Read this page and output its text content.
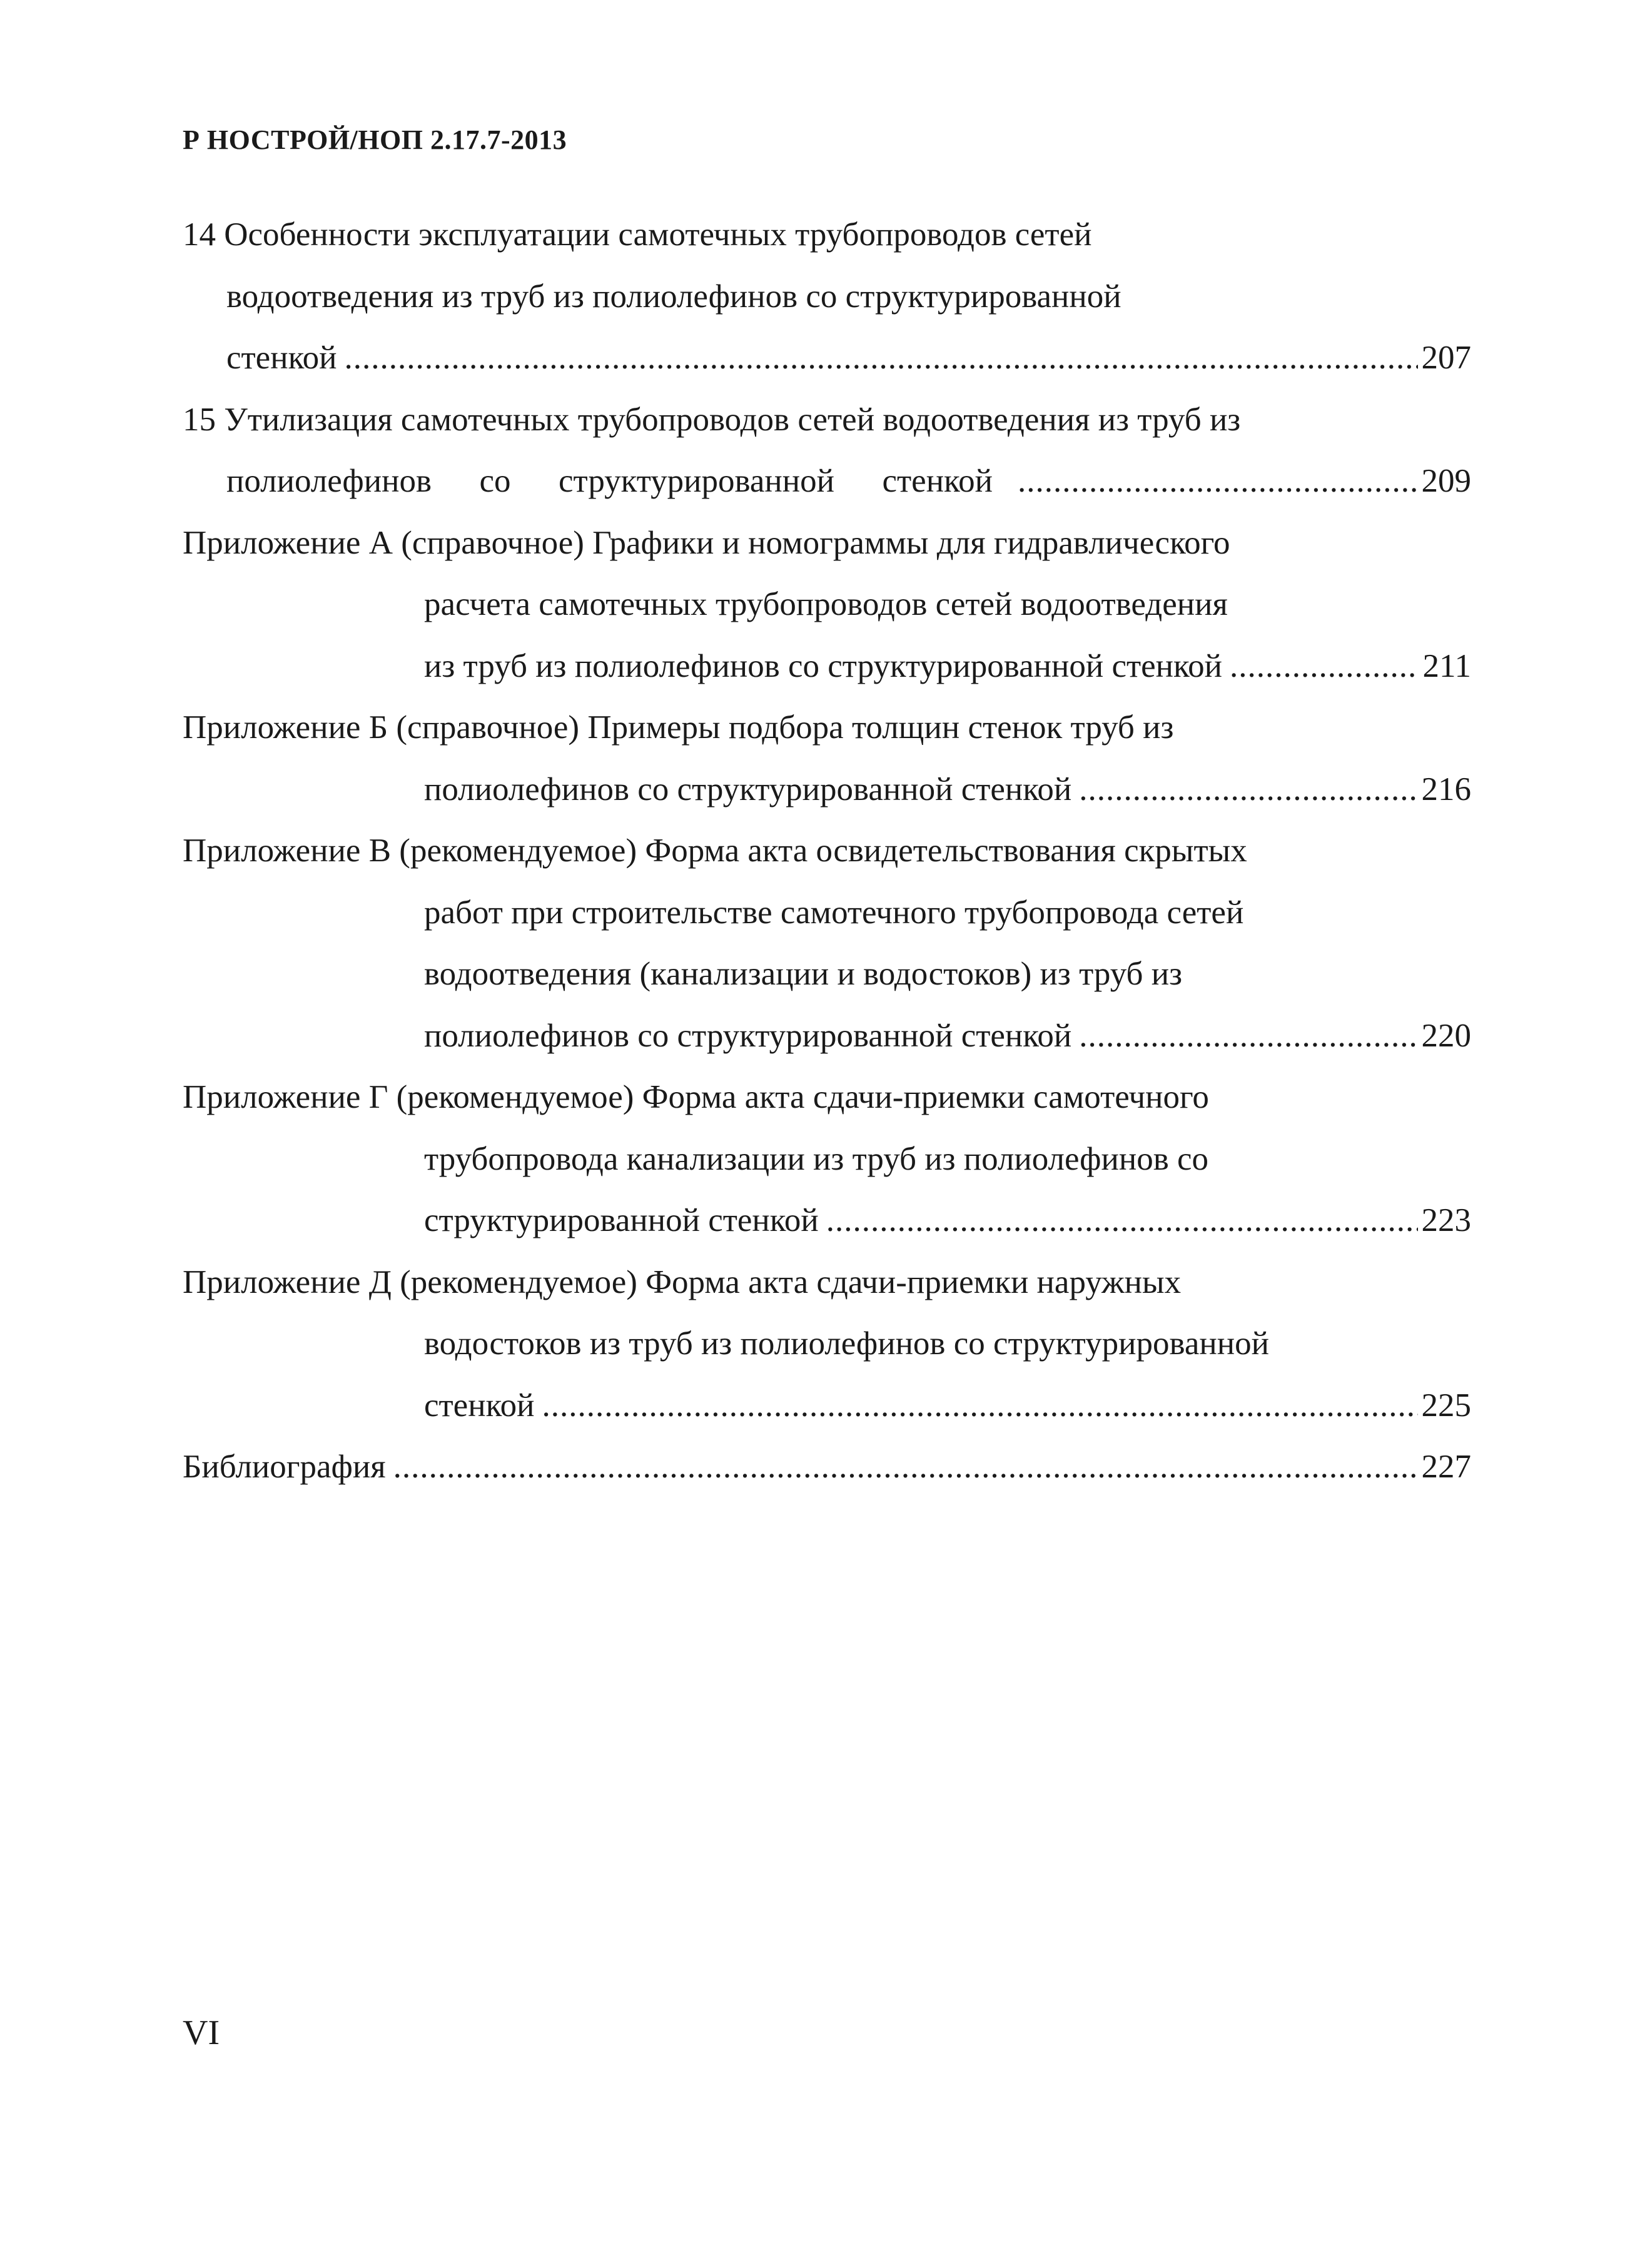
Р НОСТРОЙ/НОП 2.17.7-2013
14 Особенности эксплуатации самотечных трубопроводов сетей
водоотведения из труб из полиолефинов со структурированной
стенкой .....	207
15 Утилизация самотечных трубопроводов сетей водоотведения из труб из
полиолефинов со структурированной стенкой .....	209
Приложение А (справочное) Графики и номограммы для гидравлического
расчета самотечных трубопроводов сетей водоотведения
из труб из полиолефинов со структурированной стенкой .....	211
Приложение Б (справочное) Примеры подбора толщин стенок труб из
полиолефинов со структурированной стенкой .....	216
Приложение В (рекомендуемое) Форма акта освидетельствования скрытых
работ при строительстве самотечного трубопровода сетей
водоотведения (канализации и водостоков) из труб из
полиолефинов со структурированной стенкой .....	220
Приложение Г (рекомендуемое) Форма акта сдачи-приемки самотечного
трубопровода канализации из труб из полиолефинов со
структурированной стенкой .....	223
Приложение Д (рекомендуемое) Форма акта сдачи-приемки наружных
водостоков из труб из полиолефинов со структурированной
стенкой .....	225
Библиография .....	227
VI
